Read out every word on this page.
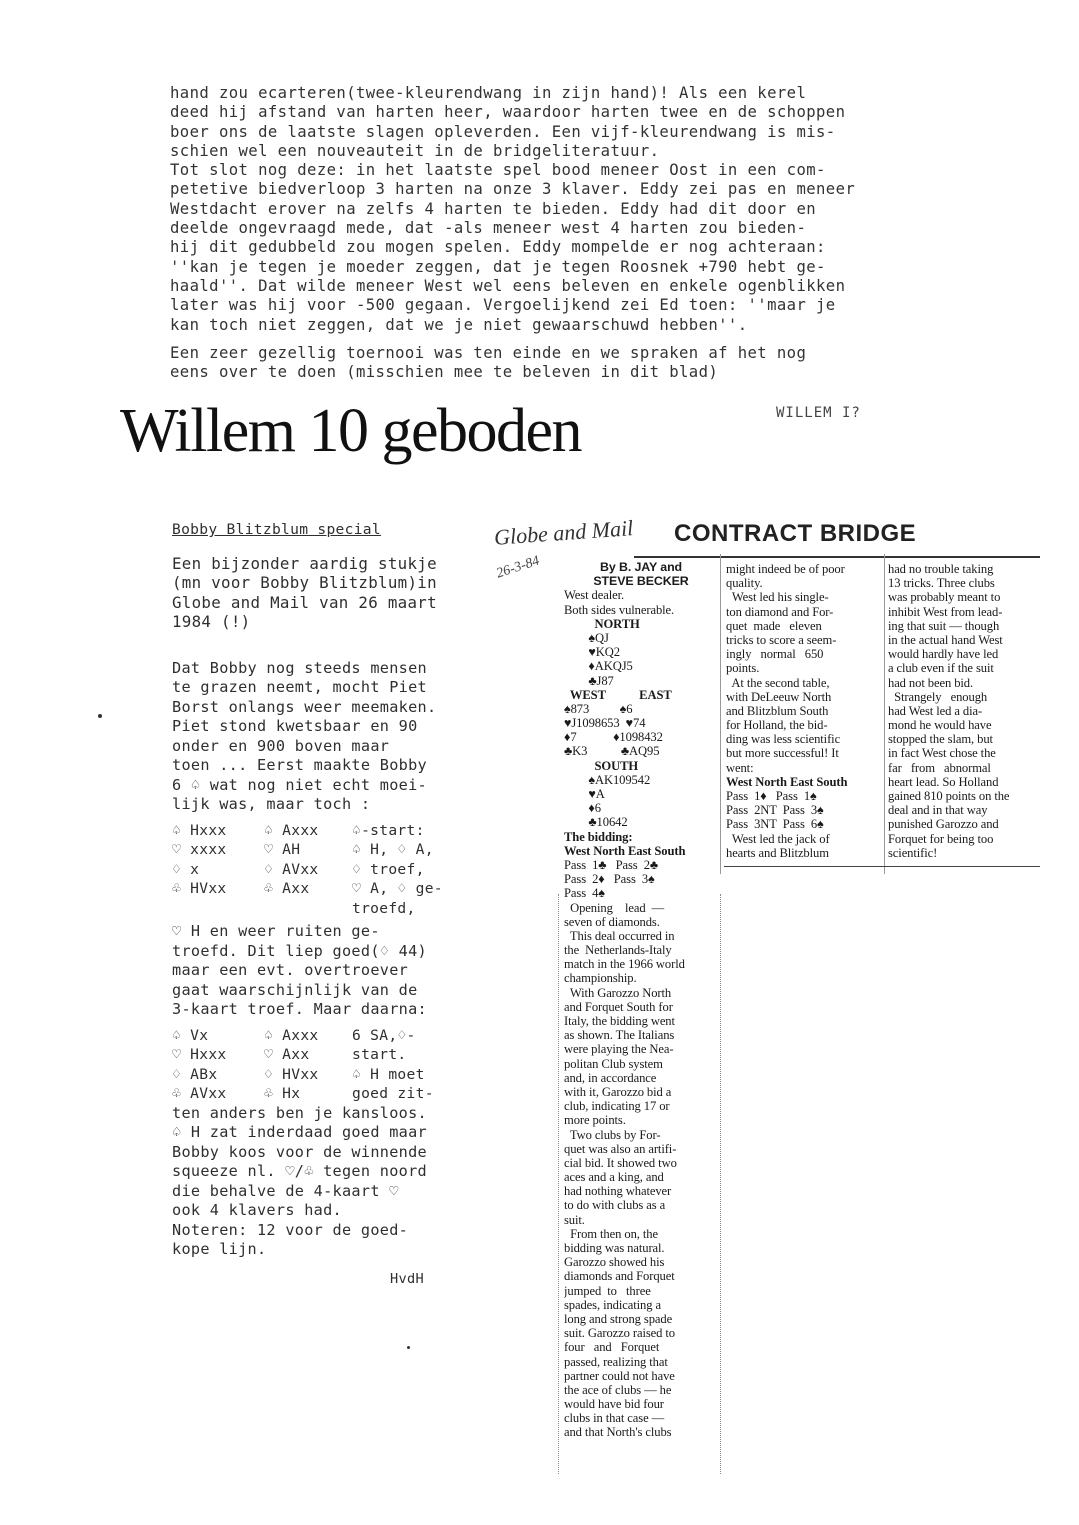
hand zou ecarteren(twee-kleurendwang in zijn hand)! Als een kerel
deed hij afstand van harten heer, waardoor harten twee en de schoppen
boer ons de laatste slagen opleverden. Een vijf-kleurendwang is mis-
schien wel een nouveauteit in de bridgeliteratuur.
Tot slot nog deze: in het laatste spel bood meneer Oost in een com-
petetive biedverloop 3 harten na onze 3 klaver. Eddy zei pas en meneer
Westdacht erover na zelfs 4 harten te bieden. Eddy had dit door en
deelde ongevraagd mede, dat -als meneer west 4 harten zou bieden-
hij dit gedubbeld zou mogen spelen. Eddy mompelde er nog achteraan:
''kan je tegen je moeder zeggen, dat je tegen Roosnek +790 hebt ge-
haald''. Dat wilde meneer West wel eens beleven en enkele ogenblikken
later was hij voor -500 gegaan. Vergoelijkend zei Ed toen: ''maar je
kan toch niet zeggen, dat we je niet gewaarschuwd hebben''.
Een zeer gezellig toernooi was ten einde en we spraken af het nog
eens over te doen (misschien mee te beleven in dit blad)
Willem 10 geboden	WILLEM I?
Bobby Blitzblum special
Een bijzonder aardig stukje
(mn voor Bobby Blitzblum)in
Globe and Mail van 26 maart
1984 (!)
Dat Bobby nog steeds mensen
te grazen neemt, mocht Piet
Borst onlangs weer meemaken.
Piet stond kwetsbaar en 90
onder en 900 boven maar
toen ... Eerst maakte Bobby
6 ♤ wat nog niet echt moei-
lijk was, maar toch :
♤ Hxxx	♤ Axxx	♤-start:
♡ xxxx	♡ AH	♤ H, ♢ A,
♢ x	♢ AVxx	♢ troef,
♧ HVxx	♧ Axx	♡ A, ♢ ge-
		troefd,
♡ H en weer ruiten ge-
troefd. Dit liep goed(♢ 44)
maar een evt. overtroever
gaat waarschijnlijk van de
3-kaart troef. Maar daarna:
♤ Vx	♤ Axxx	6 SA,♢-
♡ Hxxx	♡ Axx	start.
♢ ABx	♢ HVxx	♤ H moet
♧ AVxx	♧ Hx	goed zit-
ten anders ben je kansloos.
♤ H zat inderdaad goed maar
Bobby koos voor de winnende
squeeze nl. ♡/♧ tegen noord
die behalve de 4-kaart ♡
ook 4 klavers had.
Noteren: 12 voor de goed-
kope lijn.
HvdH
Globe and Mail CONTRACT BRIDGE
26-3-84	By B. JAY and
STEVE BECKER
West dealer.
Both sides vulnerable.
NORTH
♠QJ
♥KQ2
♦AKQJ5
♣J87
WEST           EAST
♠873          ♠6
♥J1098653  ♥74
♦7            ♦1098432
♣K3           ♣AQ95
SOUTH
♠AK109542
♥A
♦6
♣10642
The bidding:
West North East South
Pass  1♣   Pass  2♣
Pass  2♦   Pass  3♠
Pass  4♠
Opening    lead  —
seven of diamonds.
This deal occurred in
the  Netherlands-Italy
match in the 1966 world
championship.
With Garozzo North
and Forquet South for
Italy, the bidding went
as shown. The Italians
were playing the Nea-
politan Club system
and, in accordance
with it, Garozzo bid a
club, indicating 17 or
more points.
Two clubs by For-
quet was also an artifi-
cial bid. It showed two
aces and a king, and
had nothing whatever
to do with clubs as a
suit.
From then on, the
bidding was natural.
Garozzo showed his
diamonds and Forquet
jumped  to   three
spades, indicating a
long and strong spade
suit. Garozzo raised to
four   and   Forquet
passed, realizing that
partner could not have
the ace of clubs — he
would have bid four
clubs in that case —
and that North's clubs
might indeed be of poor
quality.
West led his single-
ton diamond and For-
quet  made   eleven
tricks to score a seem-
ingly   normal   650
points.
At the second table,
with DeLeeuw North
and Blitzblum South
for Holland, the bid-
ding was less scientific
but more successful! It
went:
West North East South
Pass  1♦   Pass  1♠
Pass  2NT  Pass  3♠
Pass  3NT  Pass  6♠
West led the jack of
hearts and Blitzblum
had no trouble taking
13 tricks. Three clubs
was probably meant to
inhibit West from lead-
ing that suit — though
in the actual hand West
would hardly have led
a club even if the suit
had not been bid.
Strangely   enough
had West led a dia-
mond he would have
stopped the slam, but
in fact West chose the
far   from   abnormal
heart lead. So Holland
gained 810 points on the
deal and in that way
punished Garozzo and
Forquet for being too
scientific!
